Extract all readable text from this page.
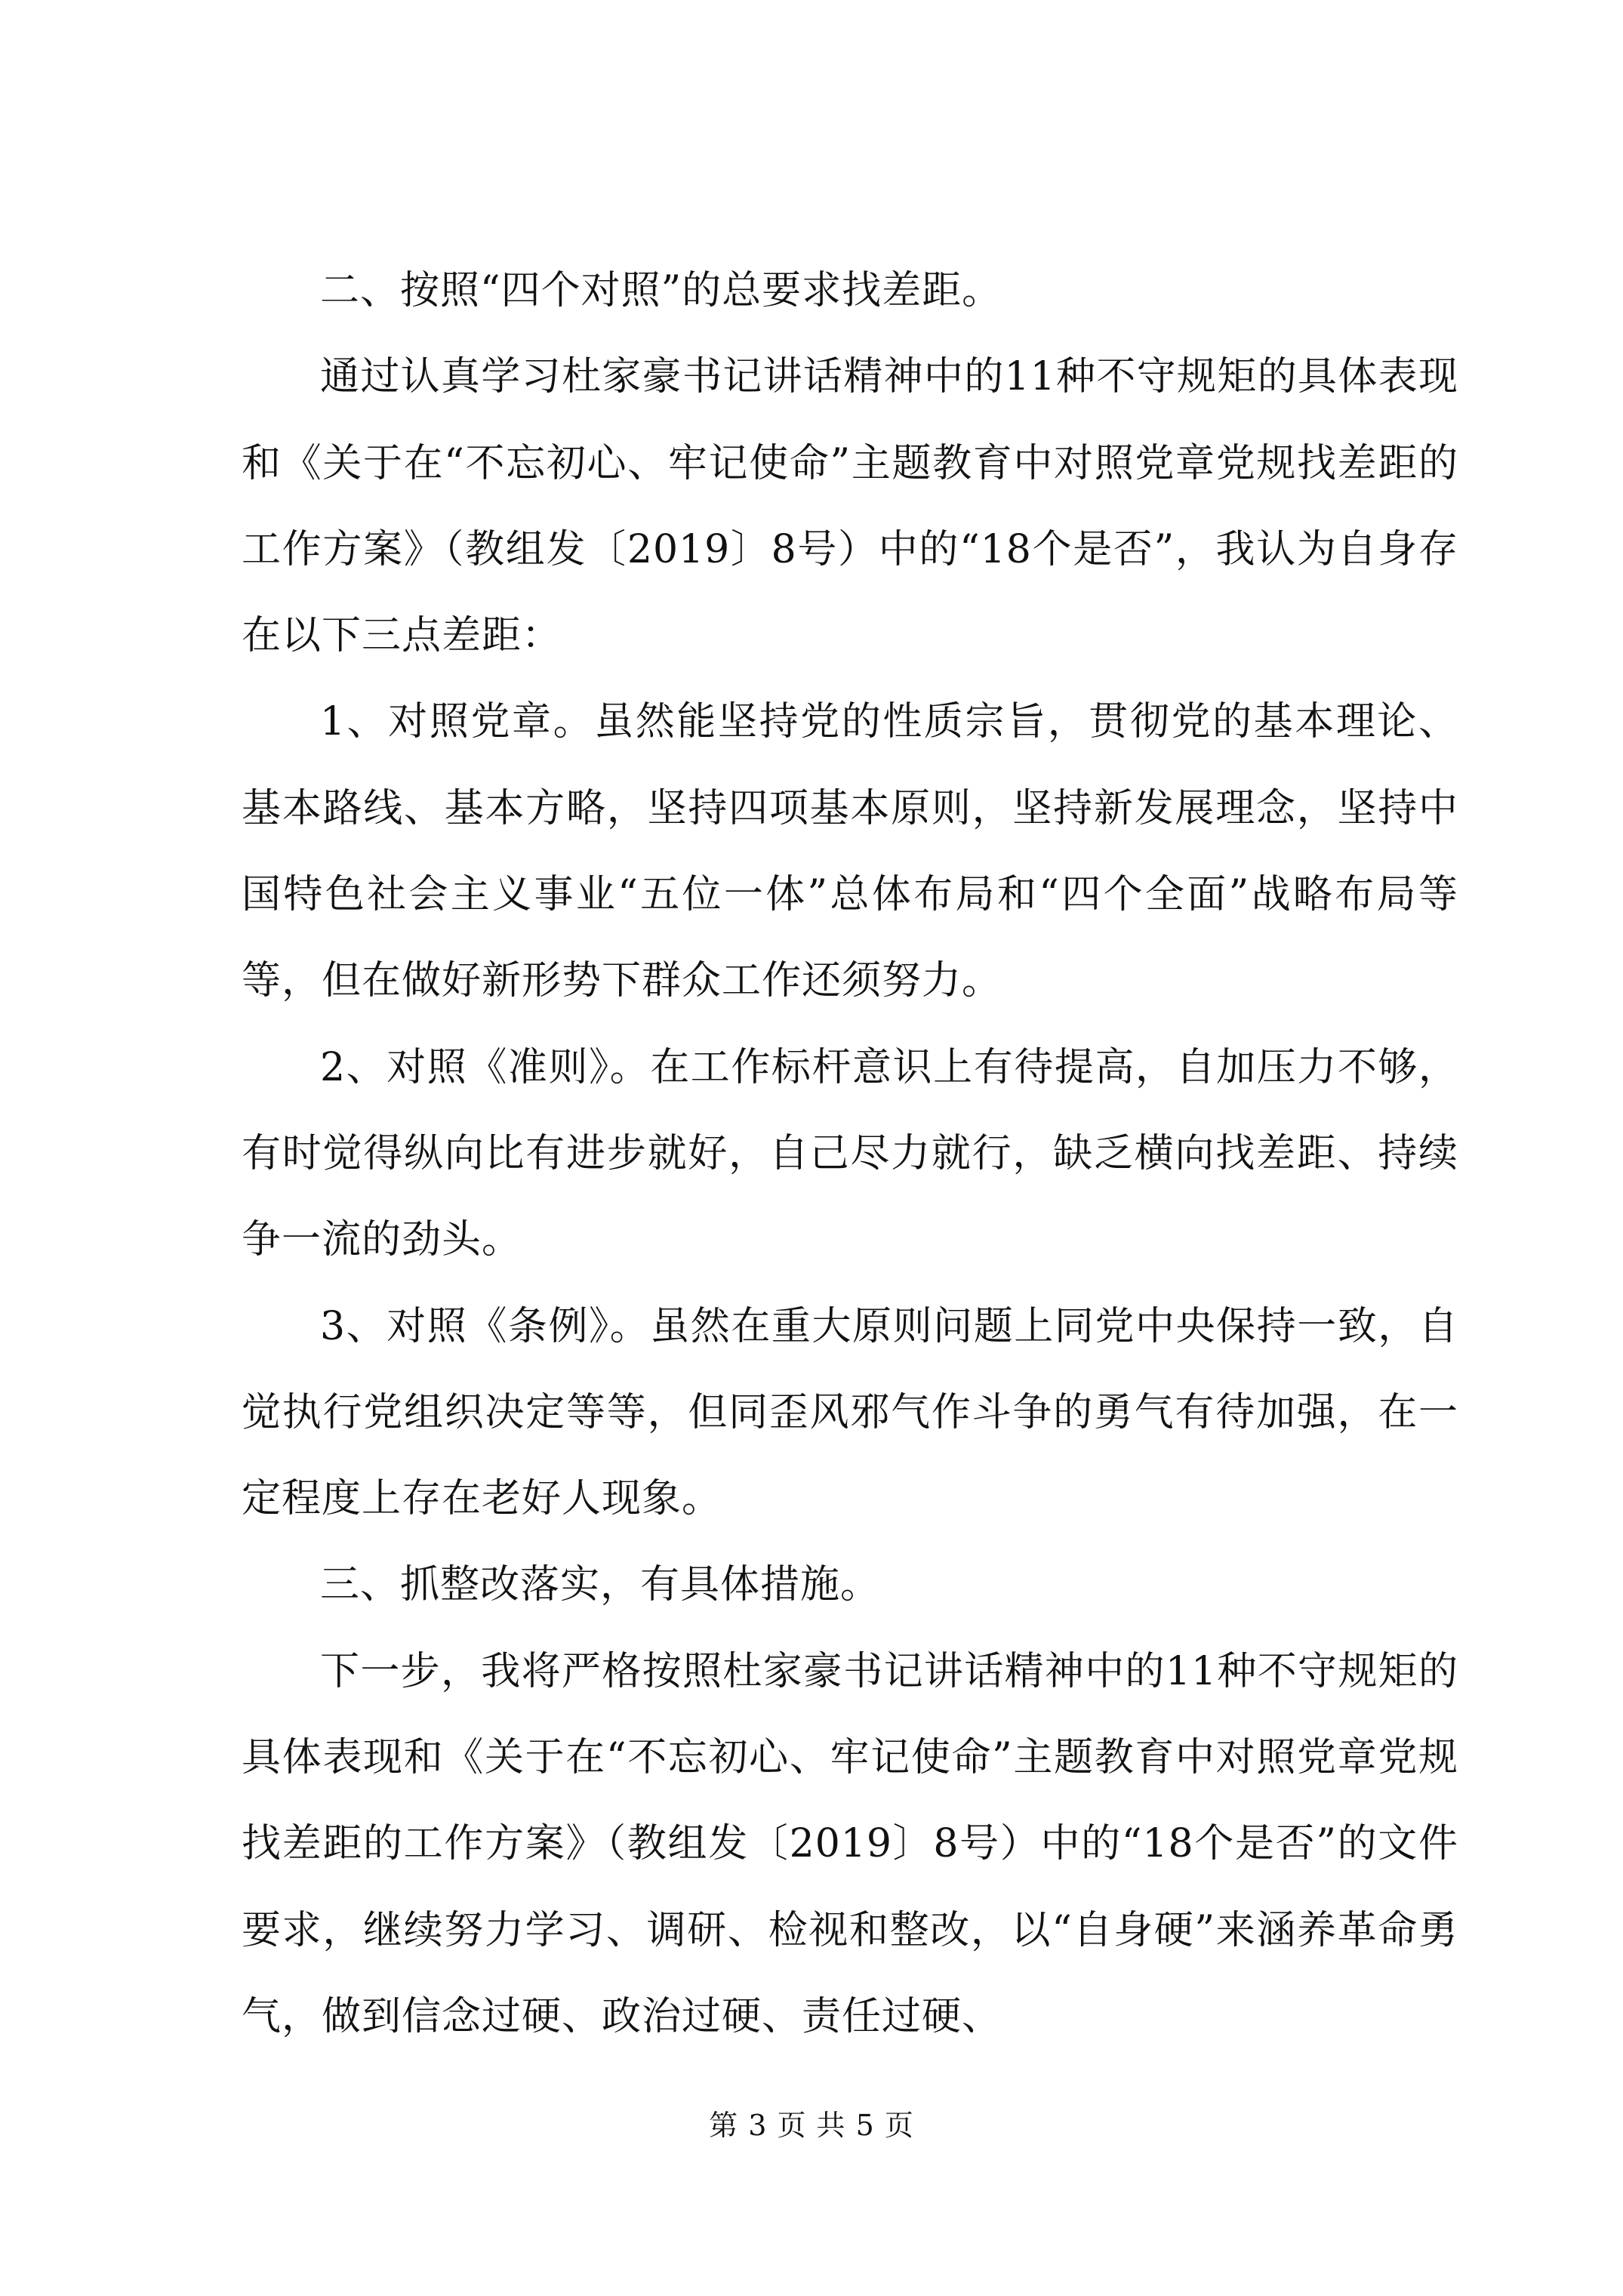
二、按照“四个对照”的总要求找差距。

通过认真学习杜家豪书记讲话精神中的11种不守规矩的具体表现和《关于在“不忘初心、牢记使命”主题教育中对照党章党规找差距的工作方案》（教组发〔2019〕8号）中的“18个是否”，我认为自身存在以下三点差距：

1、对照党章。虽然能坚持党的性质宗旨，贯彻党的基本理论、基本路线、基本方略，坚持四项基本原则，坚持新发展理念，坚持中国特色社会主义事业“五位一体”总体布局和“四个全面”战略布局等等，但在做好新形势下群众工作还须努力。

2、对照《准则》。在工作标杆意识上有待提高，自加压力不够，有时觉得纵向比有进步就好，自己尽力就行，缺乏横向找差距、持续争一流的劲头。

3、对照《条例》。虽然在重大原则问题上同党中央保持一致，自觉执行党组织决定等等，但同歪风邪气作斗争的勇气有待加强，在一定程度上存在老好人现象。

三、抓整改落实，有具体措施。

下一步，我将严格按照杜家豪书记讲话精神中的11种不守规矩的具体表现和《关于在“不忘初心、牢记使命”主题教育中对照党章党规找差距的工作方案》（教组发〔2019〕8号）中的“18个是否”的文件要求，继续努力学习、调研、检视和整改，以“自身硬”来涵养革命勇气，做到信念过硬、政治过硬、责任过硬、

第 3 页 共 5 页
